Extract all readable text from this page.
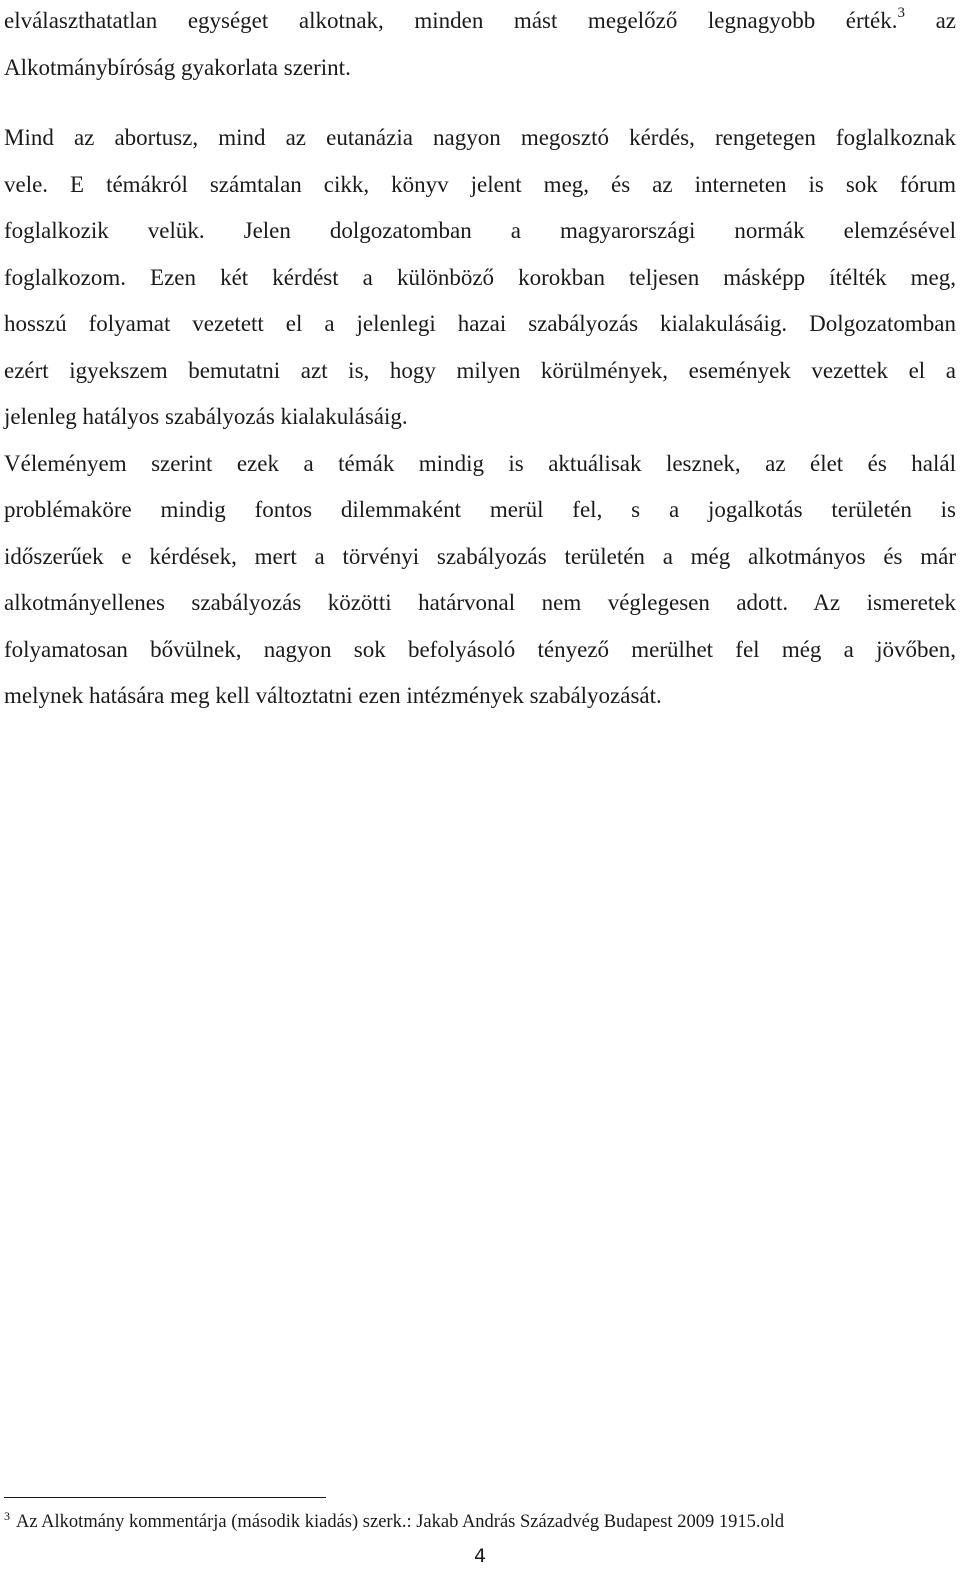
elválaszthatatlan egységet alkotnak, minden mást megelőző legnagyobb érték.$^3$ az
Alkotmánybíróság gyakorlata szerint.
Mind az abortusz, mind az eutanázia nagyon megosztó kérdés, rengetegen foglalkoznak
vele. E témákról számtalan cikk, könyv jelent meg, és az interneten is sok fórum
foglalkozik velük. Jelen dolgozatomban a magyarországi normák elemzésével
foglalkozom. Ezen két kérdést a különböző korokban teljesen másképp ítélték meg,
hosszú folyamat vezetett el a jelenlegi hazai szabályozás kialakulásáig. Dolgozatomban
ezért igyekszem bemutatni azt is, hogy milyen körülmények, események vezettek el a
jelenleg hatályos szabályozás kialakulásáig.
Véleményem szerint ezek a témák mindig is aktuálisak lesznek, az élet és halál
problémaköre mindig fontos dilemmaként merül fel, s a jogalkotás területén is
időszerűek e kérdések, mert a törvényi szabályozás területén a még alkotmányos és már
alkotmányellenes szabályozás közötti határvonal nem véglegesen adott. Az ismeretek
folyamatosan bővülnek, nagyon sok befolyásoló tényező merülhet fel még a jövőben,
melynek hatására meg kell változtatni ezen intézmények szabályozását.
$^3$ Az Alkotmány kommentárja (második kiadás) szerk.: Jakab András Századvég Budapest 2009 1915.old
4
